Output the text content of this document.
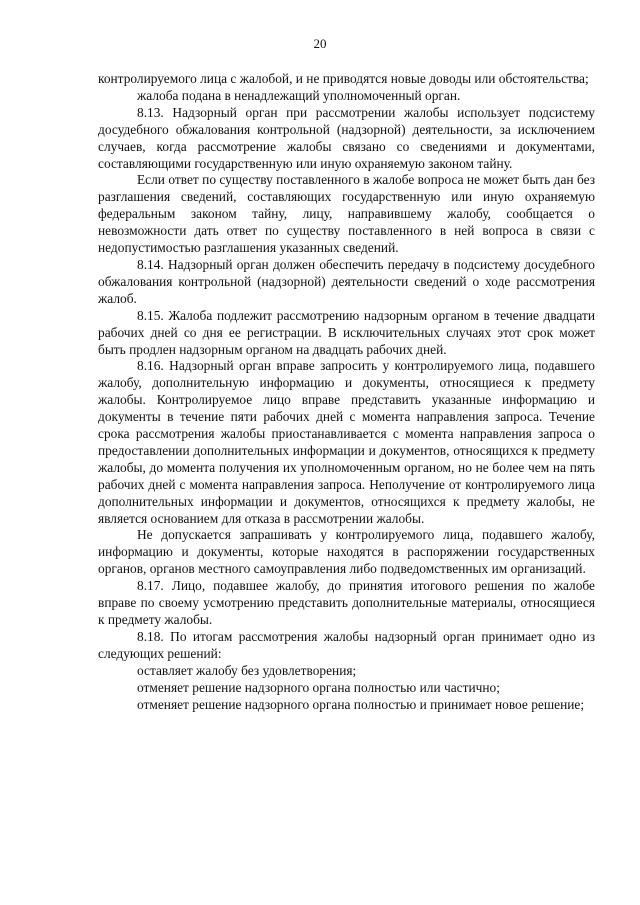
20

контролируемого лица с жалобой, и не приводятся новые доводы или обстоятельства;

жалоба подана в ненадлежащий уполномоченный орган.

8.13. Надзорный орган при рассмотрении жалобы использует подсистему досудебного обжалования контрольной (надзорной) деятельности, за исключением случаев, когда рассмотрение жалобы связано со сведениями и документами, составляющими государственную или иную охраняемую законом тайну.

Если ответ по существу поставленного в жалобе вопроса не может быть дан без разглашения сведений, составляющих государственную или иную охраняемую федеральным законом тайну, лицу, направившему жалобу, сообщается о невозможности дать ответ по существу поставленного в ней вопроса в связи с недопустимостью разглашения указанных сведений.

8.14. Надзорный орган должен обеспечить передачу в подсистему досудебного обжалования контрольной (надзорной) деятельности сведений о ходе рассмотрения жалоб.

8.15. Жалоба подлежит рассмотрению надзорным органом в течение двадцати рабочих дней со дня ее регистрации. В исключительных случаях этот срок может быть продлен надзорным органом на двадцать рабочих дней.

8.16. Надзорный орган вправе запросить у контролируемого лица, подавшего жалобу, дополнительную информацию и документы, относящиеся к предмету жалобы. Контролируемое лицо вправе представить указанные информацию и документы в течение пяти рабочих дней с момента направления запроса. Течение срока рассмотрения жалобы приостанавливается с момента направления запроса о предоставлении дополнительных информации и документов, относящихся к предмету жалобы, до момента получения их уполномоченным органом, но не более чем на пять рабочих дней с момента направления запроса. Неполучение от контролируемого лица дополнительных информации и документов, относящихся к предмету жалобы, не является основанием для отказа в рассмотрении жалобы.

Не допускается запрашивать у контролируемого лица, подавшего жалобу, информацию и документы, которые находятся в распоряжении государственных органов, органов местного самоуправления либо подведомственных им организаций.

8.17. Лицо, подавшее жалобу, до принятия итогового решения по жалобе вправе по своему усмотрению представить дополнительные материалы, относящиеся к предмету жалобы.

8.18. По итогам рассмотрения жалобы надзорный орган принимает одно из следующих решений:

оставляет жалобу без удовлетворения;

отменяет решение надзорного органа полностью или частично;

отменяет решение надзорного органа полностью и принимает новое решение;
